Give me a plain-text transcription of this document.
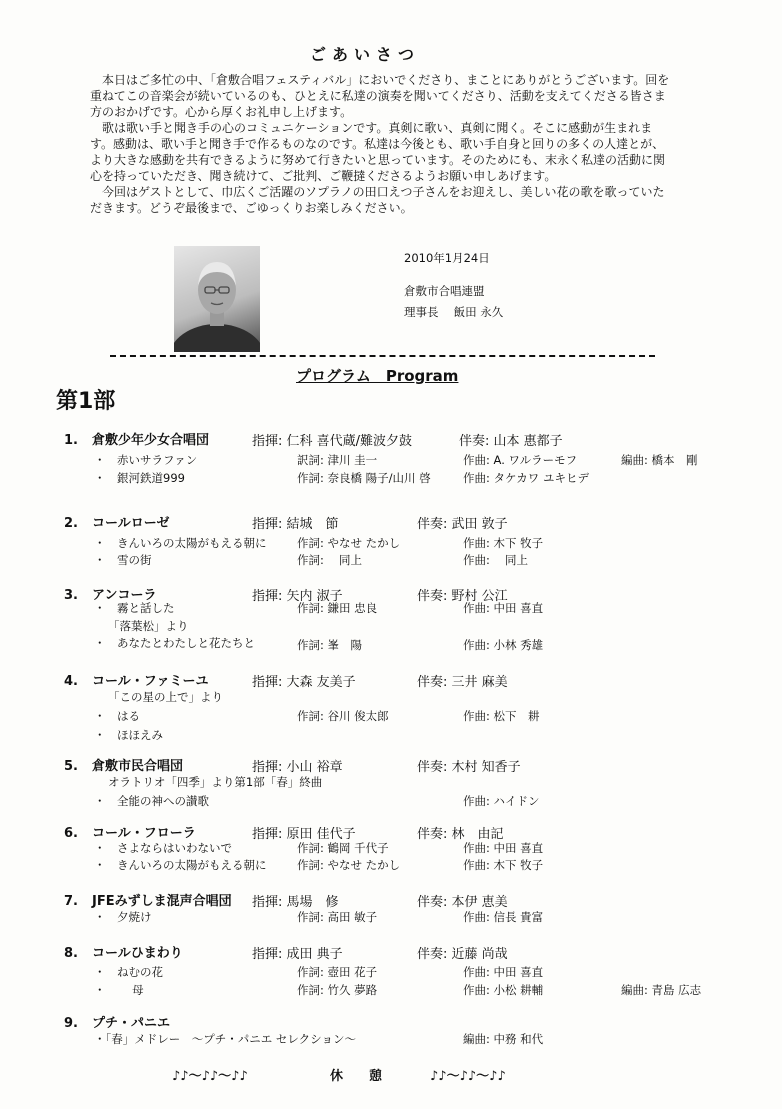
ごあいさつ

本日はご多忙の中、「倉敷合唱フェスティバル」においでくださり、まことにありがとうございます。回を重ねてこの音楽会が続いているのも、ひとえに私達の演奏を聞いてくださり、活動を支えてくださる皆さま方のおかげです。心から厚くお礼申し上げます。

歌は歌い手と聞き手の心のコミュニケーションです。真剣に歌い、真剣に聞く。そこに感動が生まれます。感動は、歌い手と聞き手で作るものなのです。私達は今後とも、歌い手自身と回りの多くの人達とが、より大きな感動を共有できるように努めて行きたいと思っています。そのためにも、末永く私達の活動に関心を持っていただき、聞き続けて、ご批判、ご鞭撻くださるようお願い申しあげます。

今回はゲストとして、巾広くご活躍のソプラノの田口えつ子さんをお迎えし、美しい花の歌を歌っていただきます。どうぞ最後まで、ごゆっくりお楽しみください。

2010年1月24日
倉敷市合唱連盟
理事長　 飯田 永久
プログラム　Program
第1部
1. 倉敷少年少女合唱団	指揮: 仁科 喜代蔵/難波夕鼓	伴奏: 山本 惠都子
・　 赤いサラファン	訳詞: 津川 圭一	作曲: A. ワルラーモフ	編曲: 橋本　剛
・　 銀河鉄道999	作詞: 奈良橋 陽子/山川 啓	作曲: タケカワ ユキヒデ
2. コールローゼ	指揮: 結城　節	伴奏: 武田 敦子
・　 きんいろの太陽がもえる朝に	作詞: やなせ たかし	作曲: 木下 牧子
・　 雪の街	作詞:　 同上	作曲:　 同上
3. アンコーラ	指揮: 矢内 淑子	伴奏: 野村 公江
・　 霧と話した	作詞: 鎌田 忠良	作曲: 中田 喜直
「落葉松」より
・　 あなたとわたしと花たちと	作詞: 峯　陽	作曲: 小林 秀雄
4. コール・ファミーユ	指揮: 大森 友美子	伴奏: 三井 麻美
「この星の上で」より
・　 はる	作詞: 谷川 俊太郎	作曲: 松下　耕
・　 ほほえみ
5. 倉敷市民合唱団	指揮: 小山 裕章	伴奏: 木村 知香子
オラトリオ「四季」より第1部「春」終曲
・　 全能の神への讃歌	作曲: ハイドン
6. コール・フローラ	指揮: 原田 佳代子	伴奏: 林　由記
・　 さよならはいわないで	作詞: 鶴岡 千代子	作曲: 中田 喜直
・　 きんいろの太陽がもえる朝に	作詞: やなせ たかし	作曲: 木下 牧子
7. JFEみずしま混声合唱団 指揮: 馬場　修	伴奏: 本伊 恵美
・　 夕焼け	作詞: 高田 敏子	作曲: 信長 貴富
8. コールひまわり	指揮: 成田 典子	伴奏: 近藤 尚哉
・　 ねむの花	作詞: 壺田 花子	作曲: 中田 喜直
・　　 母	作詞: 竹久 夢路	作曲: 小松 耕輔	編曲: 青島 広志
9. プチ・パニエ
・「春」メドレー　～プチ・パニエ セレクション～	編曲: 中務 和代
♪♪～♪♪～♪♪	休　　憩	♪♪～♪♪～♪♪
